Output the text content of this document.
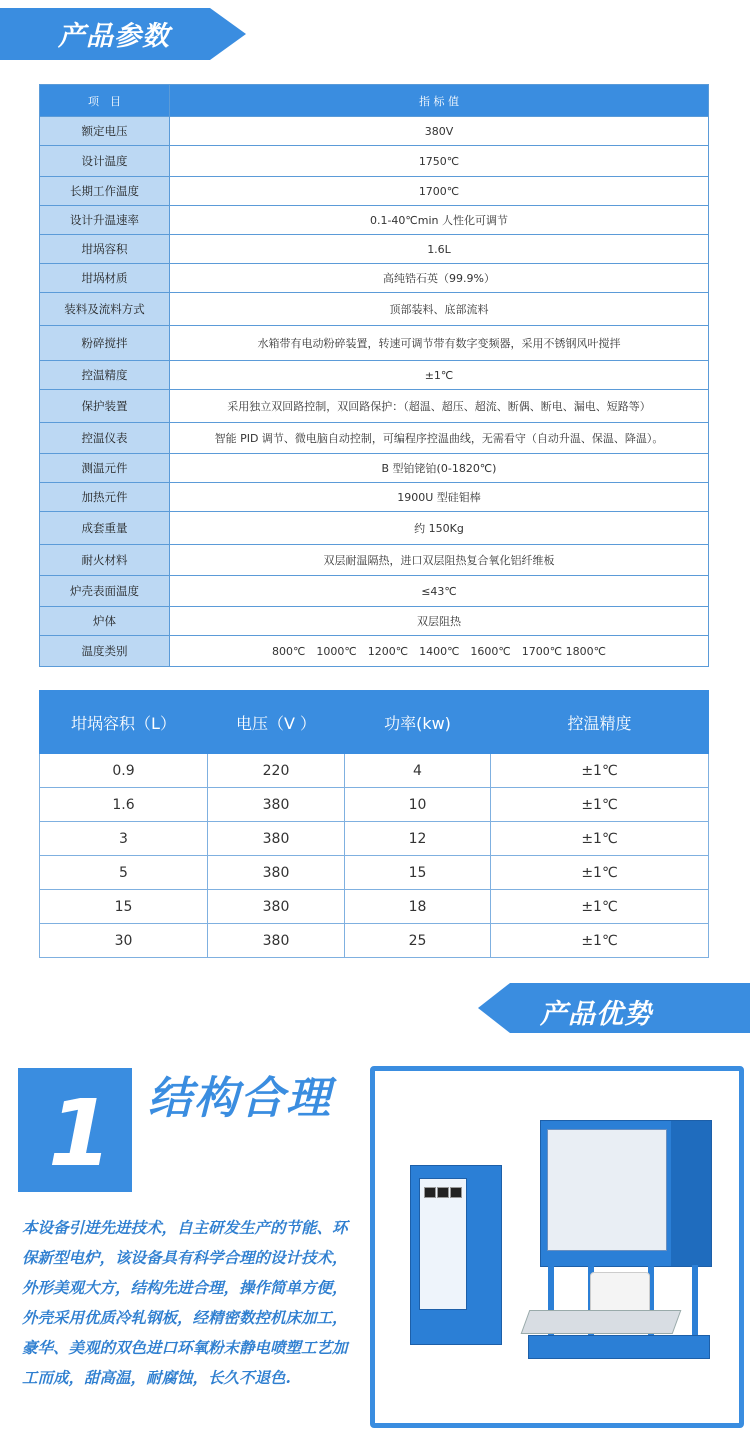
产品参数
项　目	指 标 值
额定电压	380V
设计温度	1750℃
长期工作温度	1700℃
设计升温速率	0.1-40℃min 人性化可调节
坩埚容积	1.6L
坩埚材质	高纯锆石英（99.9%）
装料及流料方式	顶部装料、底部流料
粉碎搅拌	水箱带有电动粉碎装置，转速可调节带有数字变频器，采用不锈钢风叶搅拌
控温精度	±1℃
保护装置	采用独立双回路控制，双回路保护：（超温、超压、超流、断偶、断电、漏电、短路等）
控温仪表	智能 PID 调节、微电脑自动控制，可编程序控温曲线，无需看守（自动升温、保温、降温）。
测温元件	B 型铂铑铂(0-1820℃)
加热元件	1900U 型硅钼棒
成套重量	约 150Kg
耐火材料	双层耐温隔热，进口双层阻热复合氧化铝纤维板
炉壳表面温度	≤43℃
炉体	双层阻热
温度类别	800℃　1000℃　1200℃　1400℃　1600℃　1700℃ 1800℃
坩埚容积（L）	电压（V ）	功率(kw)	控温精度
0.9	220	4	±1℃
1.6	380	10	±1℃
3	380	12	±1℃
5	380	15	±1℃
15	380	18	±1℃
30	380	25	±1℃
产品优势
1 结构合理
本设备引进先进技术，自主研发生产的节能、环保新型电炉，该设备具有科学合理的设计技术，外形美观大方，结构先进合理，操作简单方便，外壳采用优质冷轧钢板，经精密数控机床加工，豪华、美观的双色进口环氧粉末静电喷塑工艺加工而成，甜高温，耐腐蚀，长久不退色.
